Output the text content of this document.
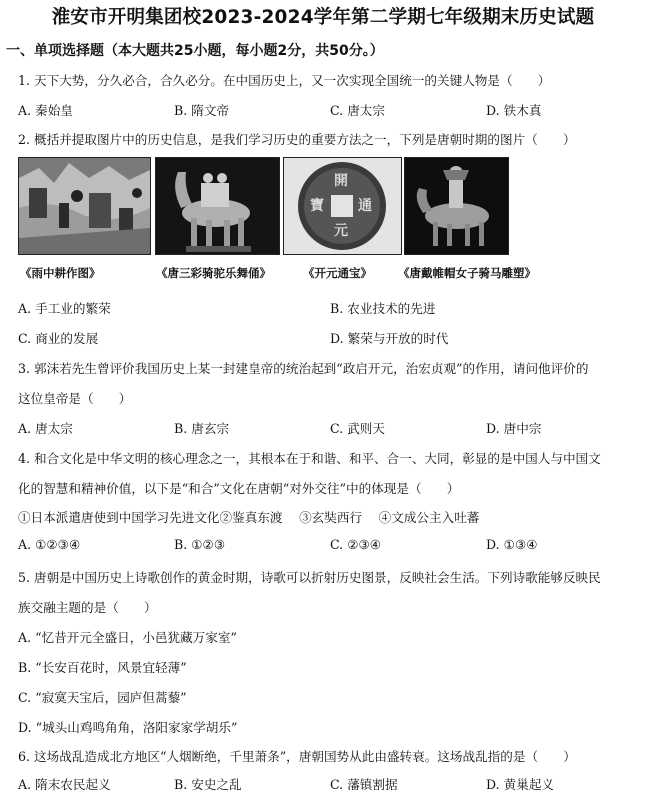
淮安市开明集团校2023-2024学年第二学期七年级期末历史试题
一、单项选择题（本大题共25小题，每小题2分，共50分。）
1. 天下大势，分久必合，合久必分。在中国历史上，又一次实现全国统一的关键人物是（　　）
A. 秦始皇	B. 隋文帝	C. 唐太宗	D. 铁木真
2. 概括并提取图片中的历史信息，是我们学习历史的重要方法之一，下列是唐朝时期的图片（　　）
開
元
通
寶
《雨中耕作图》	《唐三彩骑驼乐舞俑》	《开元通宝》 《唐戴帷帽女子骑马雕塑》
A. 手工业的繁荣	B. 农业技术的先进
C. 商业的发展	D. 繁荣与开放的时代
3. 郭沫若先生曾评价我国历史上某一封建皇帝的统治起到“政启开元，治宏贞观”的作用，请问他评价的
这位皇帝是（　　）
A. 唐太宗	B. 唐玄宗	C. 武则天	D. 唐中宗
4. 和合文化是中华文明的核心理念之一，其根本在于和谐、和平、合一、大同，彰显的是中国人与中国文
化的智慧和精神价值，以下是“和合”文化在唐朝“对外交往”中的体现是（　　）
①日本派遣唐使到中国学习先进文化②鉴真东渡　 ③玄奘西行　 ④文成公主入吐蕃
A. ①②③④	B. ①②③	C. ②③④	D. ①③④
5. 唐朝是中国历史上诗歌创作的黄金时期，诗歌可以折射历史图景，反映社会生活。下列诗歌能够反映民
族交融主题的是（　　）
A. “忆昔开元全盛日，小邑犹藏万家室”
B. “长安百花时，风景宜轻薄”
C. “寂寞天宝后，园庐但蒿藜”
D. “城头山鸡鸣角角，洛阳家家学胡乐”
6. 这场战乱造成北方地区“人烟断绝，千里萧条”，唐朝国势从此由盛转衰。这场战乱指的是（　　）
A. 隋末农民起义	B. 安史之乱	C. 藩镇割据	D. 黄巢起义
